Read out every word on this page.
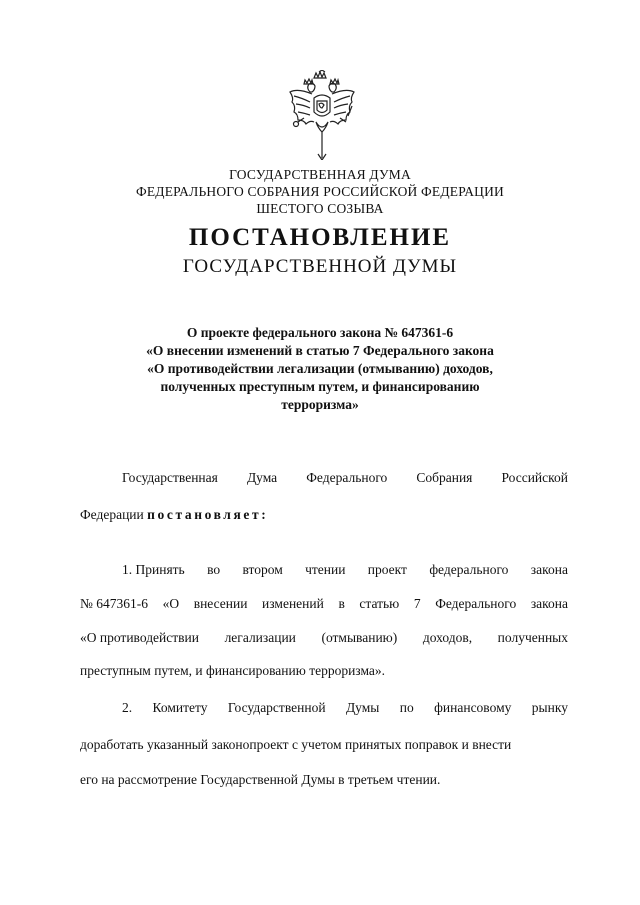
ГОСУДАРСТВЕННАЯ ДУМА
ФЕДЕРАЛЬНОГО СОБРАНИЯ РОССИЙСКОЙ ФЕДЕРАЦИИ
ШЕСТОГО СОЗЫВА
ПОСТАНОВЛЕНИЕ
ГОСУДАРСТВЕННОЙ ДУМЫ
О проекте федерального закона № 647361-6
«О внесении изменений в статью 7 Федерального закона
«О противодействии легализации (отмыванию) доходов,
полученных преступным путем, и финансированию
терроризма»
Государственная Дума Федерального Собрания Российской
Федерации постановляет:
1. Принять во втором чтении проект федерального закона
№ 647361-6 «О внесении изменений в статью 7 Федерального закона
«О противодействии легализации (отмыванию) доходов, полученных
преступным путем, и финансированию терроризма».
2. Комитету Государственной Думы по финансовому рынку
доработать указанный законопроект с учетом принятых поправок и внести
его на рассмотрение Государственной Думы в третьем чтении.
